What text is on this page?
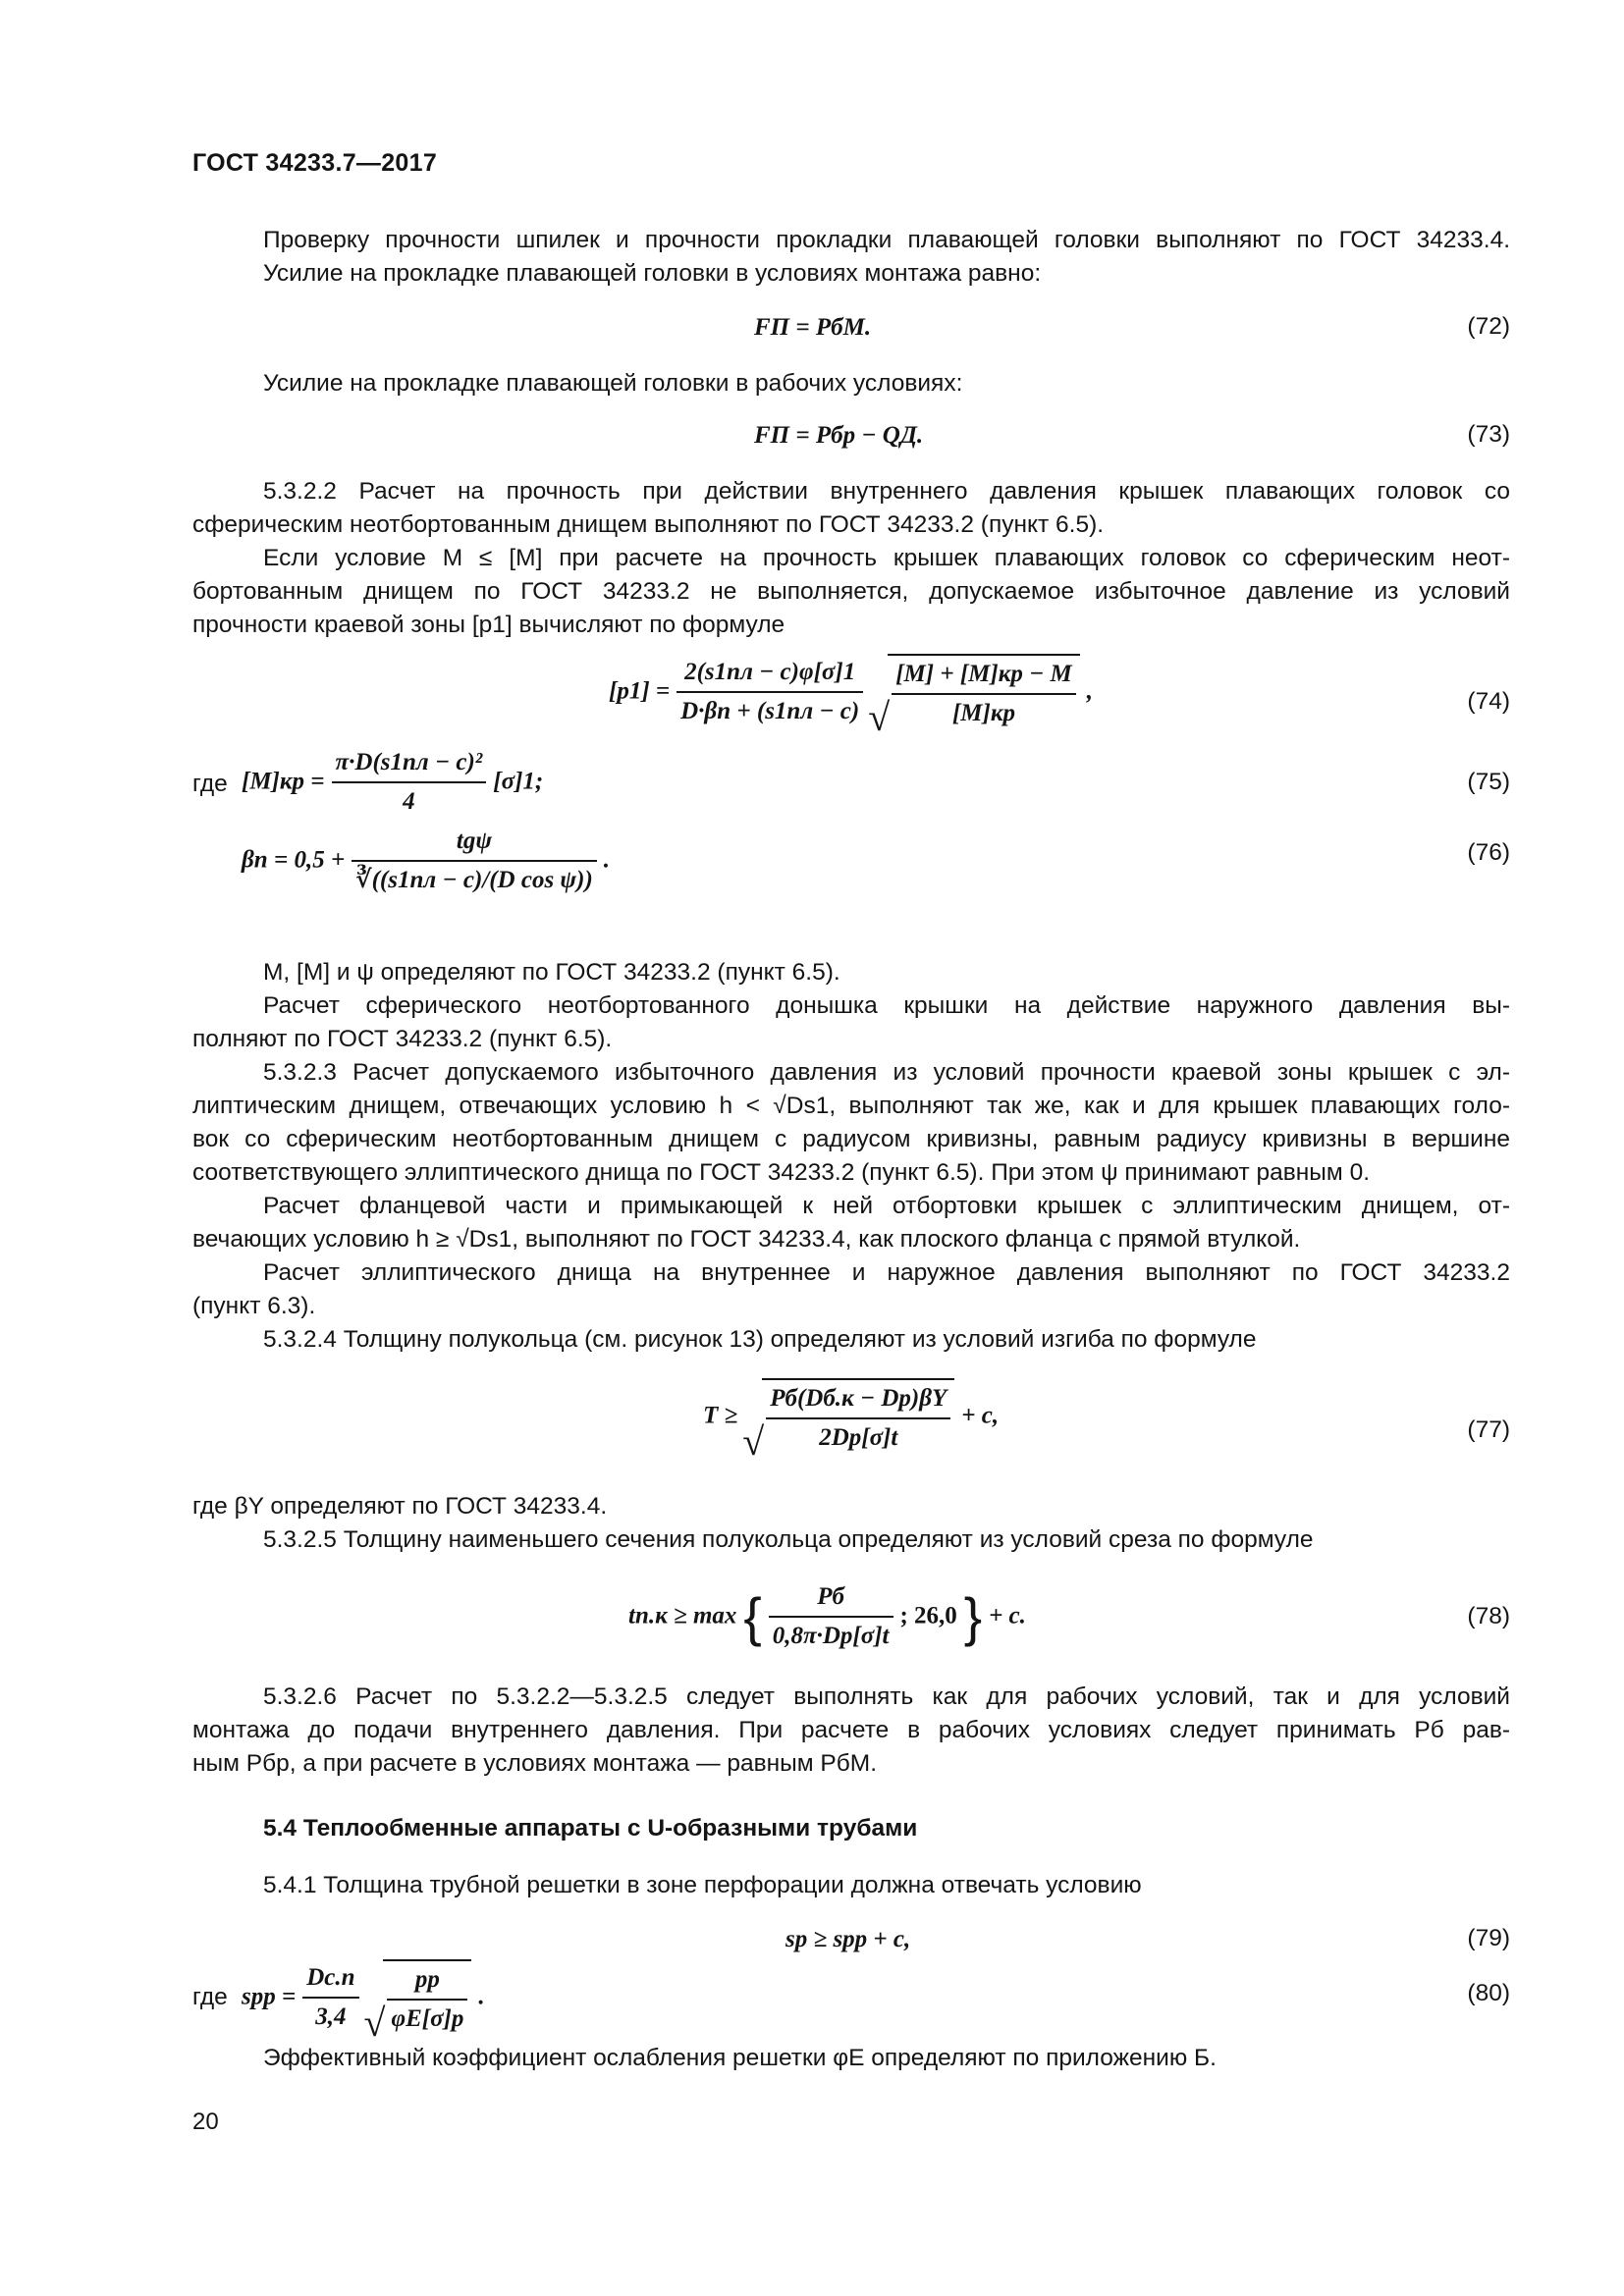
ГОСТ 34233.7—2017
Проверку прочности шпилек и прочности прокладки плавающей головки выполняют по ГОСТ 34233.4.
Усилие на прокладке плавающей головки в условиях монтажа равно:
FП = PбМ.	(72)
Усилие на прокладке плавающей головки в рабочих условиях:
FП = Pбр − QД.	(73)
5.3.2.2 Расчет на прочность при действии внутреннего давления крышек плавающих головок со
сферическим неотбортованным днищем выполняют по ГОСТ 34233.2 (пункт 6.5).
Если условие M ≤ [M] при расчете на прочность крышек плавающих головок со сферическим неот-
бортованным днищем по ГОСТ 34233.2 не выполняется, допускаемое избыточное давление из условий
прочности краевой зоны [p1] вычисляют по формуле
$[p1] = \frac{2(s1пл - c)\varphi[\sigma]1}{D\cdot\beta п + (s1пл - c)}$
√ $\frac{[M] + [M]кр - M}{[M]кр}$ ,	(74)
где $[M]кр = \frac{\text{π·D(s1пл − c)²}}{4} [\sigma]1$;	(75)
$\beta п = 0,5 + \frac{\text{tgψ}}{\text{∛((s1пл − c)/(D cos ψ))}}$ .	(76)
M, [M] и ψ определяют по ГОСТ 34233.2 (пункт 6.5).
Расчет сферического неотбортованного донышка крышки на действие наружного давления вы-
полняют по ГОСТ 34233.2 (пункт 6.5).
5.3.2.3 Расчет допускаемого избыточного давления из условий прочности краевой зоны крышек с эл-
липтическим днищем, отвечающих условию h < √Ds1, выполняют так же, как и для крышек плавающих голо-
вок со сферическим неотбортованным днищем с радиусом кривизны, равным радиусу кривизны в вершине
соответствующего эллиптического днища по ГОСТ 34233.2 (пункт 6.5). При этом ψ принимают равным 0.
Расчет фланцевой части и примыкающей к ней отбортовки крышек с эллиптическим днищем, от-
вечающих условию h ≥ √Ds1, выполняют по ГОСТ 34233.4, как плоского фланца с прямой втулкой.
Расчет эллиптического днища на внутреннее и наружное давления выполняют по ГОСТ 34233.2
(пункт 6.3).
5.3.2.4 Толщину полукольца (см. рисунок 13) определяют из условий изгиба по формуле
T ≥ √ $\frac{Pб(Dб.к - Dр)\beta Y}{2Dр[\sigma]t} + c$,
(77)
где βY определяют по ГОСТ 34233.4.
5.3.2.5 Толщину наименьшего сечения полукольца определяют из условий среза по формуле
tп.к ≥ max { $\frac{Pб}{0,8\pi\cdot Dр[\sigma]t}$ ; 26,0 } + c.	(78)
5.3.2.6 Расчет по 5.3.2.2—5.3.2.5 следует выполнять как для рабочих условий, так и для условий
монтажа до подачи внутреннего давления. При расчете в рабочих условиях следует принимать Pб рав-
ным Pбр, а при расчете в условиях монтажа — равным PбМ.
5.4 Теплообменные аппараты с U-образными трубами
5.4.1 Толщина трубной решетки в зоне перфорации должна отвечать условию
sр ≥ sрр + c,	(79)
где sрр = $\frac{Dс.п}{3,4}$
√ $\frac{pр}{\varphi E[\sigma]р}$ .	(80)
Эффективный коэффициент ослабления решетки φE определяют по приложению Б.
20
